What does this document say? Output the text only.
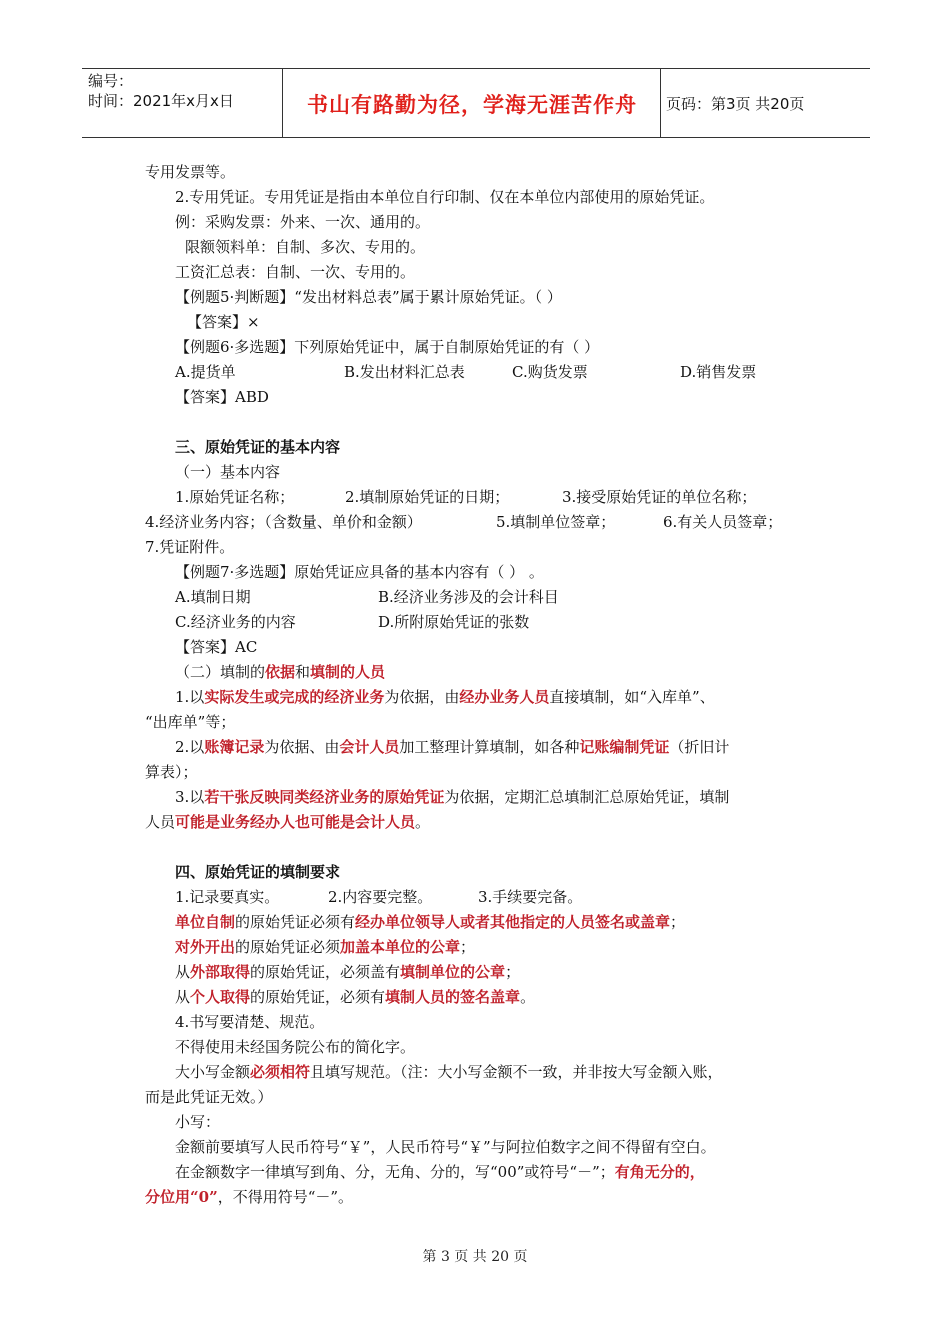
编号：
时间：2021年x月x日	书山有路勤为径，学海无涯苦作舟	页码：第3页 共20页
专用发票等。
2.专用凭证。专用凭证是指由本单位自行印制、仅在本单位内部使用的原始凭证。
例：采购发票：外来、一次、通用的。
限额领料单：自制、多次、专用的。
工资汇总表：自制、一次、专用的。
【例题5·判断题】“发出材料总表”属于累计原始凭证。（ ）
【答案】×
【例题6·多选题】下列原始凭证中，属于自制原始凭证的有（ ）
A.提货单	B.发出材料汇总表	C.购货发票	D.销售发票
【答案】ABD
三、原始凭证的基本内容
（一）基本内容
1.原始凭证名称；	2.填制原始凭证的日期；	3.接受原始凭证的单位名称；
4.经济业务内容；（含数量、单价和金额）	5.填制单位签章；	6.有关人员签章；
7.凭证附件。
【例题7·多选题】原始凭证应具备的基本内容有（ ） 。
A.填制日期	B.经济业务涉及的会计科目
C.经济业务的内容	D.所附原始凭证的张数
【答案】AC
（二）填制的依据和填制的人员
1.以实际发生或完成的经济业务为依据，由经办业务人员直接填制，如“入库单”、
“出库单”等；
2.以账簿记录为依据、由会计人员加工整理计算填制，如各种记账编制凭证（折旧计
算表）；
3.以若干张反映同类经济业务的原始凭证为依据，定期汇总填制汇总原始凭证，填制
人员可能是业务经办人也可能是会计人员。
四、原始凭证的填制要求
1.记录要真实。	2.内容要完整。	3.手续要完备。
单位自制的原始凭证必须有经办单位领导人或者其他指定的人员签名或盖章；
对外开出的原始凭证必须加盖本单位的公章；
从外部取得的原始凭证，必须盖有填制单位的公章；
从个人取得的原始凭证，必须有填制人员的签名盖章。
4.书写要清楚、规范。
不得使用未经国务院公布的简化字。
大小写金额必须相符且填写规范。（注：大小写金额不一致，并非按大写金额入账，
而是此凭证无效。）
小写：
金额前要填写人民币符号“￥”，人民币符号“￥”与阿拉伯数字之间不得留有空白。
在金额数字一律填写到角、分，无角、分的，写“00”或符号“－”；有角无分的，
分位用“0”，不得用符号“－”。
第 3 页 共 20 页
